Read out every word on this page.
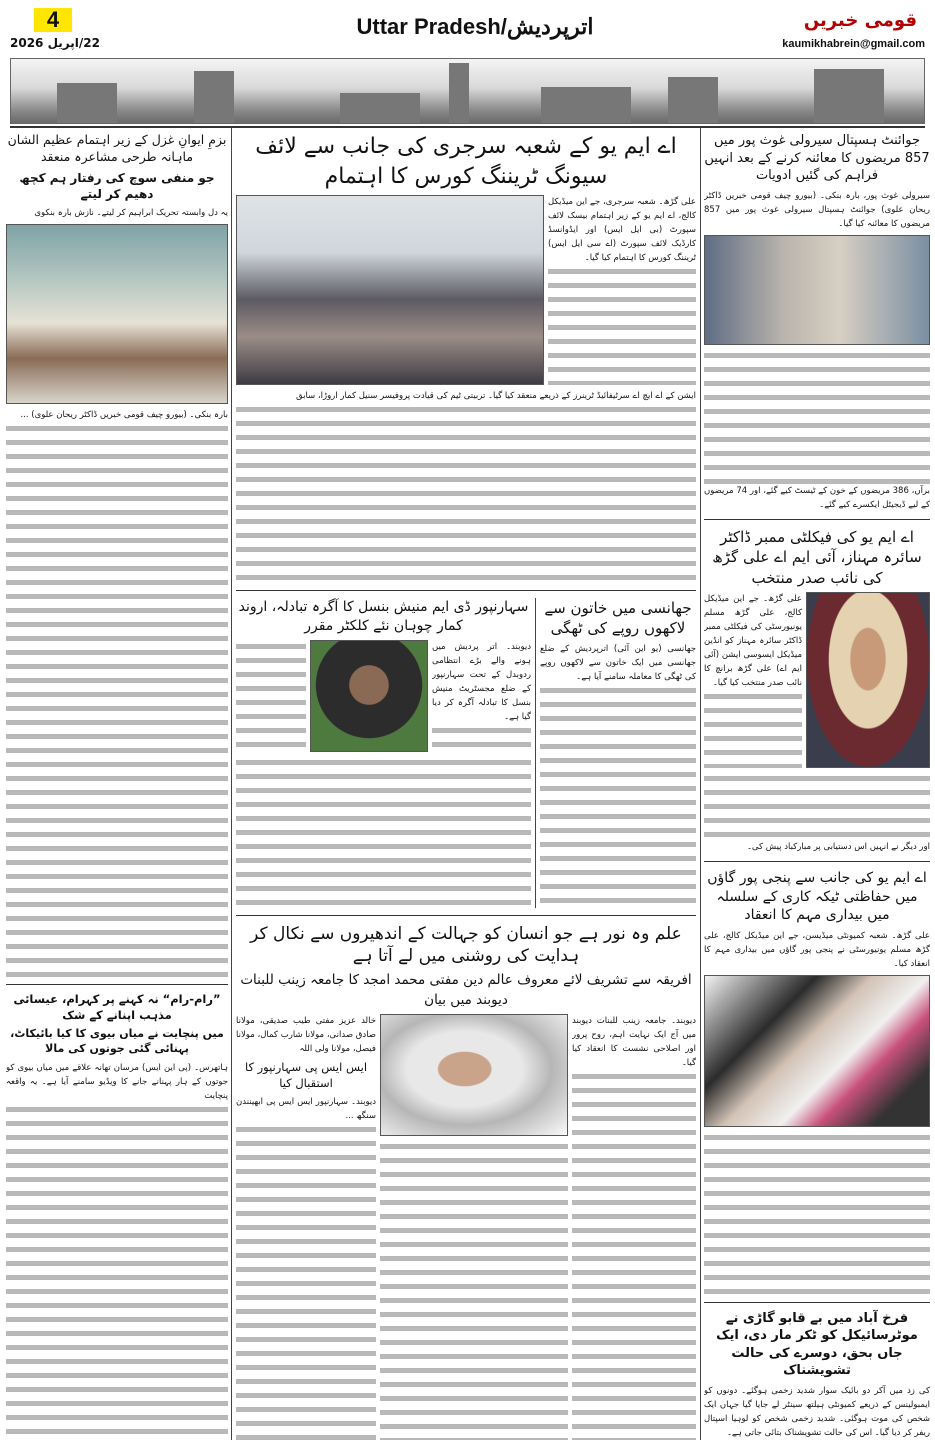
4
22/اپریل 2026
Uttar Pradesh/اترپردیش	قومی خبریں
kaumikhabrein@gmail.com
بزمِ ایوانِ غزل کے زیر اہتمام عظیم الشان ماہانہ طرحی مشاعرہ منعقد
جو منفی سوچ کی رفتار ہم کچھ دھیم کر لیتے

یہ دل وابستہ تحریک ابراہیم کر لیتے۔ نازش بارہ بنکوی

بارہ بنکی۔ (بیورو چیف قومی خبریں ڈاکٹر ریحان علوی) ...

”رام-رام“ نہ کہنے پر کہرام، عیسائی مذہب اپنانے کے شک
میں پنچایت نے میاں بیوی کا کیا بائیکاٹ، پہنائی گئی جوتوں کی مالا

ہاتھرس۔ (پی این ایس) مرسان تھانہ علاقے میں میاں بیوی کو جوتوں کے ہار پہنانے جانے کا ویڈیو سامنے آیا ہے۔ یہ واقعہ پنچایت

اے ایم یو کے شعبہ سرجری کی جانب سے لائف سیونگ ٹریننگ کورس کا اہتمام

علی گڑھ۔ شعبہ سرجری، جے این میڈیکل کالج، اے ایم یو کے زیر اہتمام بیسک لائف سپورٹ (بی ایل ایس) اور ایڈوانسڈ کارڈیک لائف سپورٹ (اے سی ایل ایس) ٹریننگ کورس کا اہتمام کیا گیا۔

ایشن کے اے ایچ اے سرٹیفائیڈ ٹرینرز کے ذریعے منعقد کیا گیا۔ تربیتی ٹیم کی قیادت پروفیسر سنیل کمار اروڑا، سابق

جھانسی میں خاتون سے لاکھوں روپے کی ٹھگی

جھانسی (یو این آئی) اترپردیش کے ضلع جھانسی میں ایک خاتون سے لاکھوں روپے کی ٹھگی کا معاملہ سامنے آیا ہے۔

سہارنپور ڈی ایم منیش بنسل کا آگرہ تبادلہ، اروند کمار چوہان نئے کلکٹر مقرر

دیوبند۔ اتر پردیش میں ہونے والے بڑے انتظامی ردوبدل کے تحت سہارنپور کے ضلع مجسٹریٹ منیش بنسل کا تبادلہ آگرہ کر دیا گیا ہے۔

علم وہ نور ہے جو انسان کو جہالت کے اندھیروں سے نکال کر ہدایت کی روشنی میں لے آتا ہے
افریقہ سے تشریف لائے معروف عالم دین مفتی محمد امجد کا جامعہ زینب للبنات دیوبند میں بیان

دیوبند۔ جامعہ زینب للبنات دیوبند میں آج ایک نہایت اہم، روح پرور اور اصلاحی نشست کا انعقاد کیا گیا۔

خالد عزیز مفتی طیب صدیقی، مولانا صادق صدانی، مولانا شارب کمال، مولانا فیصل، مولانا ولی اللہ

ایس ایس پی سہارنپور کا استقبال کیا

دیوبند۔ سہارنپور ایس ایس پی ابھینندن سنگھ ...

جوائنٹ ہسپتال سیرولی غوث پور میں 857 مریضوں کا معائنہ کرنے کے بعد انہیں فراہم کی گئیں ادویات

سیرولی غوث پور، بارہ بنکی۔ (بیورو چیف قومی خبریں ڈاکٹر ریحان علوی) جوائنٹ ہسپتال سیرولی غوث پور میں 857 مریضوں کا معائنہ کیا گیا۔

برآں، 386 مریضوں کے خون کے ٹیسٹ کیے گئے، اور 74 مریضوں کے لیے ڈیجیٹل ایکسرے کیے گئے۔

اے ایم یو کی فیکلٹی ممبر ڈاکٹر سائرہ مہناز، آئی ایم اے علی گڑھ کی نائب صدر منتخب

علی گڑھ۔ جے این میڈیکل کالج، علی گڑھ مسلم یونیورسٹی کی فیکلٹی ممبر ڈاکٹر سائرہ مہناز کو انڈین میڈیکل ایسوسی ایشن (آئی ایم اے) علی گڑھ برانچ کا نائب صدر منتخب کیا گیا۔

اور دیگر نے انہیں اس دستیابی پر مبارکباد پیش کی۔

اے ایم یو کی جانب سے پنجی پور گاؤں میں حفاظتی ٹیکہ کاری کے سلسلہ میں بیداری مہم کا انعقاد

علی گڑھ۔ شعبہ کمیونٹی میڈیسن، جے این میڈیکل کالج، علی گڑھ مسلم یونیورسٹی نے پنجی پور گاؤں میں بیداری مہم کا انعقاد کیا۔

فرخ آباد میں بے قابو گاڑی نے موٹرسائیکل کو ٹکر مار دی، ایک جاں بحق، دوسرے کی حالت تشویشناک

کی زد میں آکر دو بائیک سوار شدید زخمی ہوگئے۔ دونوں کو ایمبولینس کے ذریعے کمیونٹی ہیلتھ سینٹر لے جایا گیا جہاں ایک شخص کی موت ہوگئی۔ شدید زخمی شخص کو لوہیا اسپتال ریفر کر دیا گیا۔ اس کی حالت تشویشناک بتائی جاتی ہے۔
